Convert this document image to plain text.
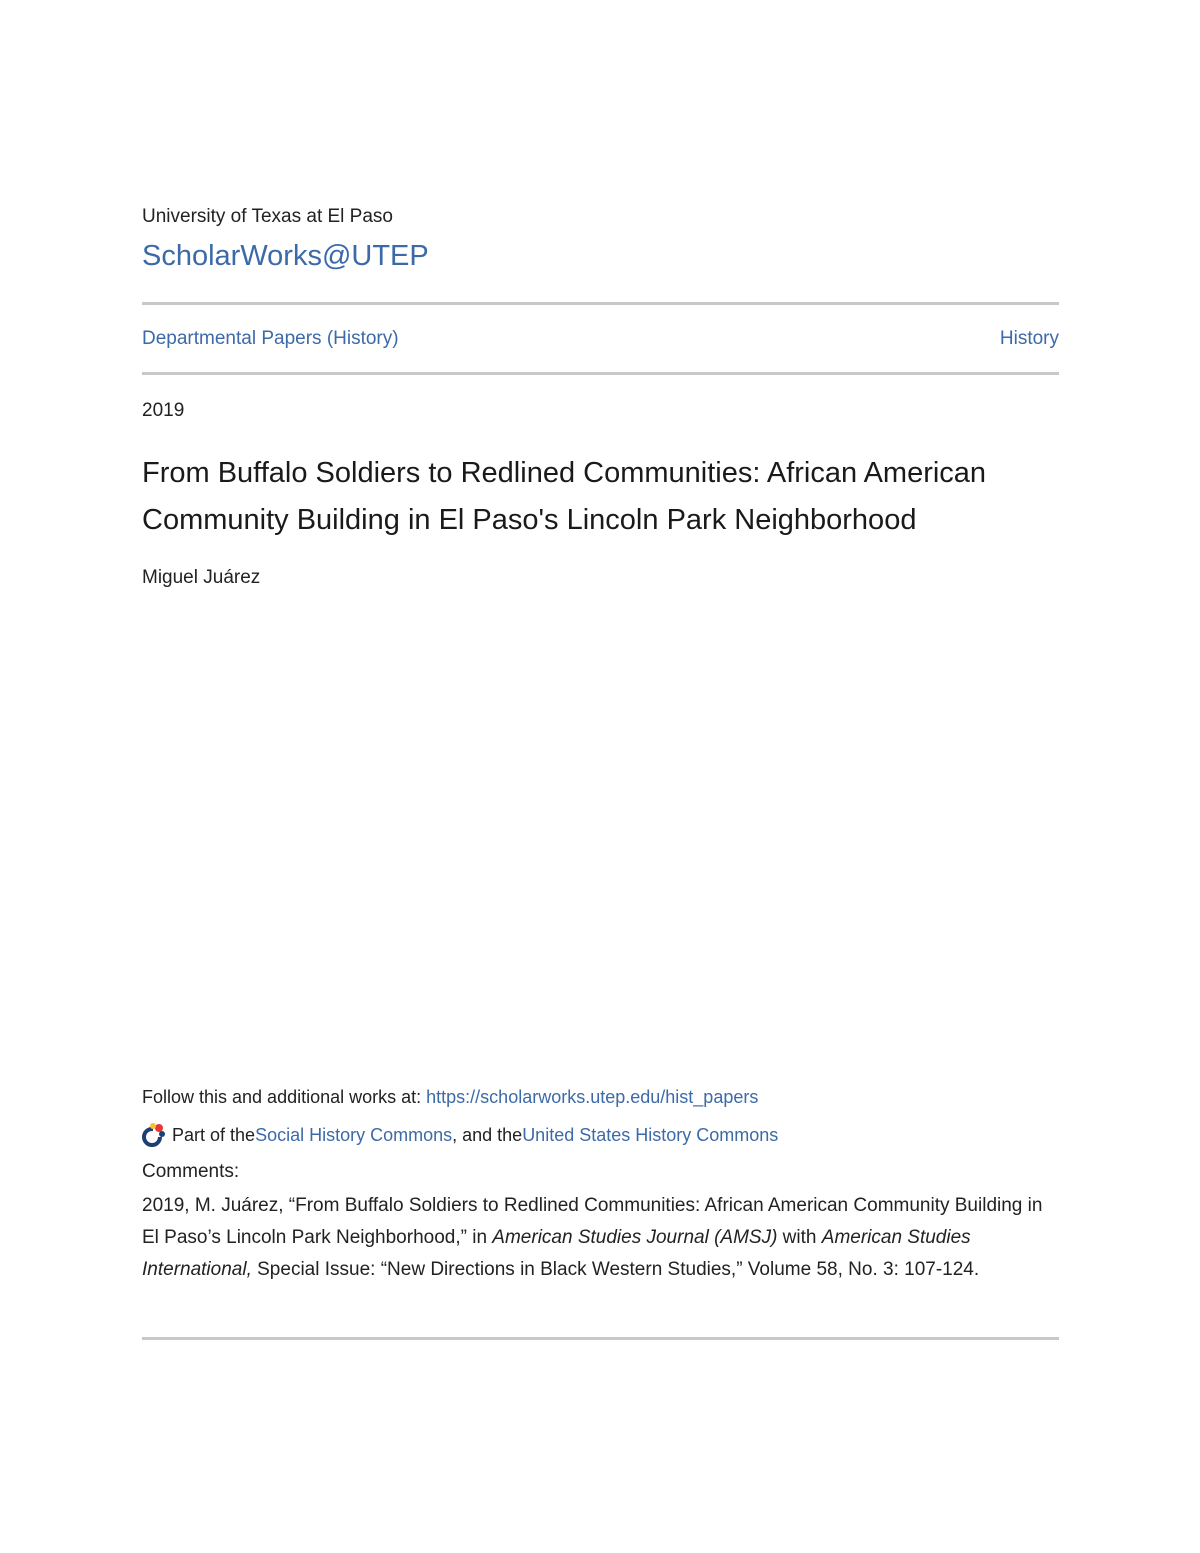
University of Texas at El Paso
ScholarWorks@UTEP
Departmental Papers (History)	History
2019
From Buffalo Soldiers to Redlined Communities: African American Community Building in El Paso's Lincoln Park Neighborhood
Miguel Juárez
Follow this and additional works at: https://scholarworks.utep.edu/hist_papers
Part of the Social History Commons , and the United States History Commons
Comments:
2019, M. Juárez, “From Buffalo Soldiers to Redlined Communities: African American Community Building in El Paso’s Lincoln Park Neighborhood,” in American Studies Journal (AMSJ) with American Studies International, Special Issue: “New Directions in Black Western Studies,” Volume 58, No. 3: 107-124.
